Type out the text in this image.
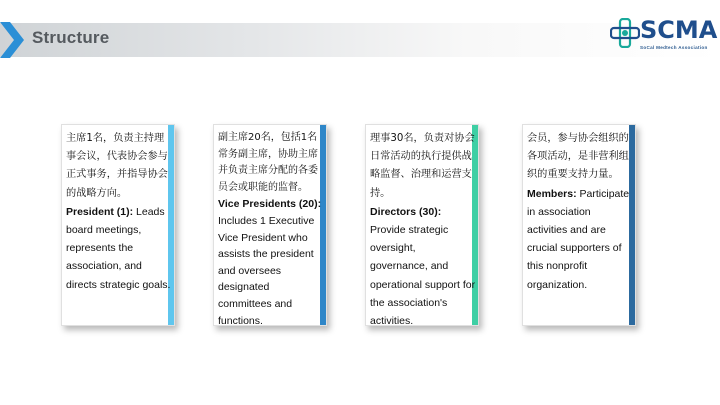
Structure	SCMA
SoCal Medtech Association
主席1名，负责主持理事会议，代表协会参与正式事务，并指导协会的战略方向。
President (1): Leads board meetings, represents the association, and directs strategic goals.
副主席20名，包括1名常务副主席，协助主席并负责主席分配的各委员会或职能的监督。
Vice Presidents (20): Includes 1 Executive Vice President who assists the president and oversees designated committees and functions.
理事30名，负责对协会日常活动的执行提供战略监督、治理和运营支持。
Directors (30): Provide strategic oversight, governance, and operational support for the association's activities.
会员，参与协会组织的各项活动，是非营利组织的重要支持力量。
Members: Participate in association activities and are crucial supporters of this nonprofit organization.
